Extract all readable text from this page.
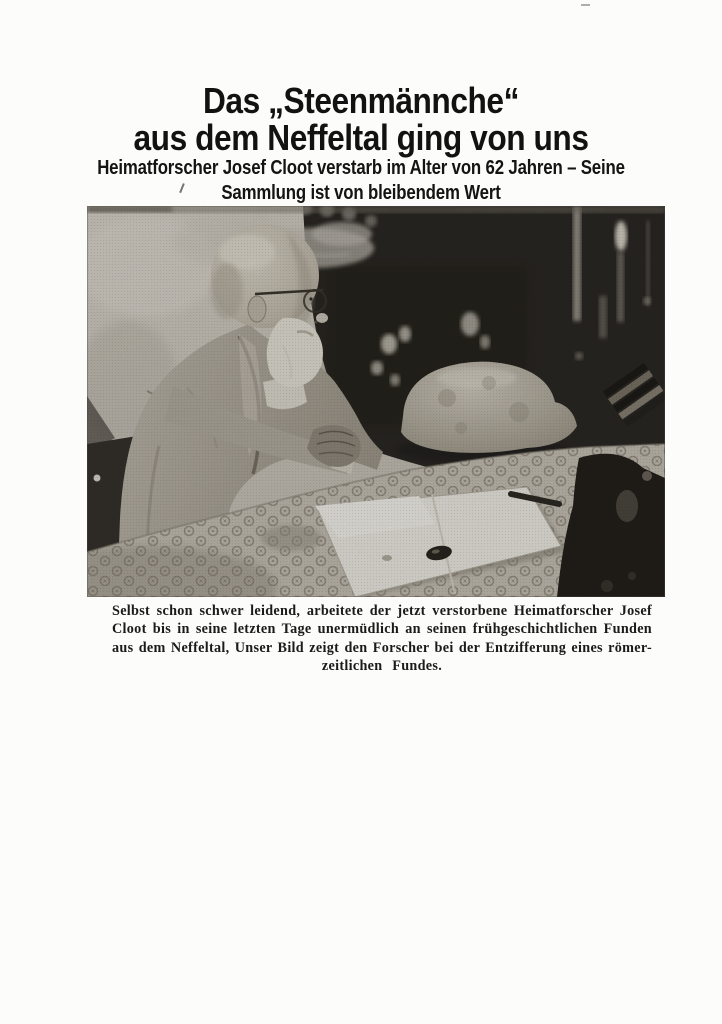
Das „Steenmännche“
aus dem Neffeltal ging von uns
Heimatforscher Josef Cloot verstarb im Alter von 62 Jahren – Seine
Sammlung ist von bleibendem Wert
Selbst schon schwer leidend, arbeitete der jetzt verstorbene Heimatforscher Josef
Cloot bis in seine letzten Tage unermüdlich an seinen frühgeschichtlichen Funden
aus dem Neffeltal, Unser Bild zeigt den Forscher bei der Entzifferung eines römer-
zeitlichen Fundes.
